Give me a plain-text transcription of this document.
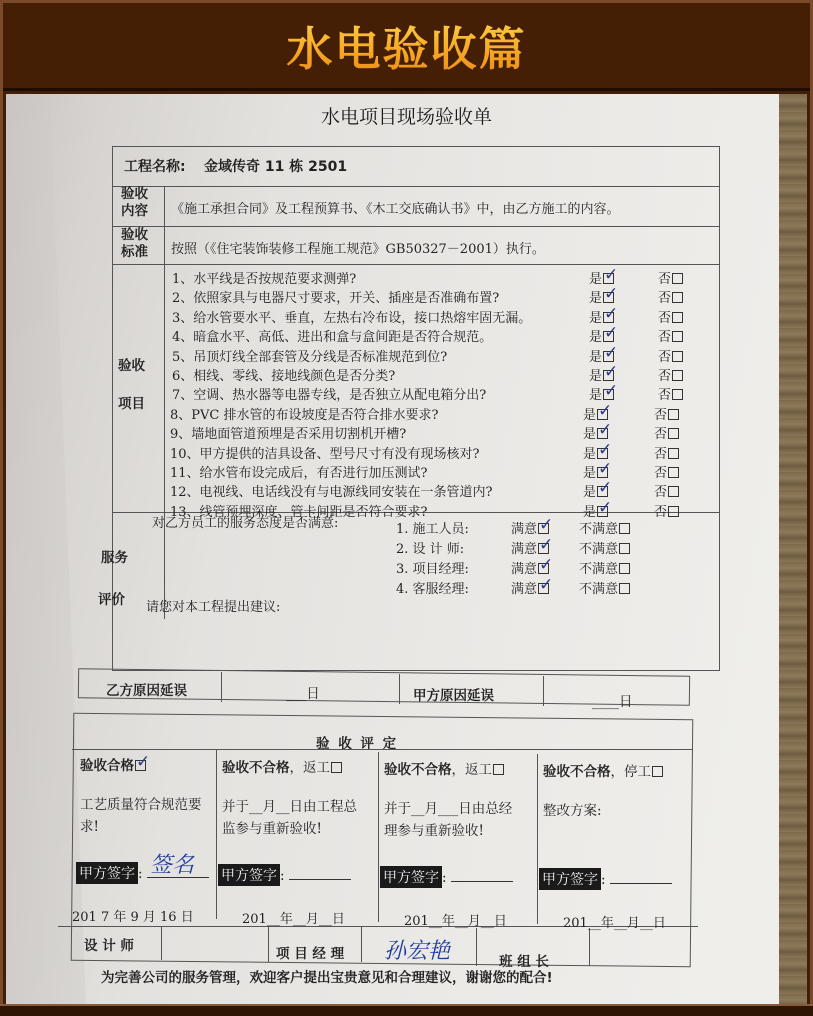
水电验收篇
水电项目现场验收单
工程名称: 金域传奇 11 栋 2501
验收
内容 《施工承担合同》及工程预算书、《木工交底确认书》中，由乙方施工的内容。
验收
标准 按照（《住宅装饰装修工程施工规范》GB50327－2001）执行。
验收
项目
服务
评价
对乙方员工的服务态度是否满意:
请您对本工程提出建议:
乙方原因延误	___日	甲方原因延误	____日
验 收 评 定
设 计 师	项 目 经 理 孙宏艳	班 组 长
为完善公司的服务管理，欢迎客户提出宝贵意见和合理建议，谢谢您的配合!
1、水平线是否按规范要求测弹?	是 ✓	否
2、依照家具与电器尺寸要求，开关、插座是否准确布置?	是 ✓	否
3、给水管要水平、垂直，左热右冷布设，接口热熔牢固无漏。	是 ✓	否
4、暗盒水平、高低、进出和盒与盒间距是否符合规范。	是 ✓	否
5、吊顶灯线全部套管及分线是否标准规范到位?	是 ✓	否
6、相线、零线、接地线颜色是否分类?	是 ✓	否
7、空调、热水器等电器专线，是否独立从配电箱分出?	是 ✓	否
8、PVC 排水管的布设坡度是否符合排水要求?	是 ✓	否
9、墙地面管道预埋是否采用切割机开槽?	是 ✓	否
10、甲方提供的洁具设备、型号尺寸有没有现场核对?	是 ✓	否
11、给水管布设完成后，有否进行加压测试?	是 ✓	否
12、电视线、电话线没有与电源线同安装在一条管道内?	是 ✓	否
13、线管预埋深度、管卡间距是否符合要求?	是 ✓	否
1. 施工人员:	满意 ✓ 不满意
2. 设 计 师:	满意 ✓ 不满意
3. 项目经理:	满意 ✓ 不满意
4. 客服经理:	满意 ✓ 不满意
验收合格 ✓
工艺质量符合规范要求!
甲方签字 : 签名
201 7 年 9 月 16 日
验收不合格，返工
并于__月__日由工程总监参与重新验收!
甲方签字 :
201__年__月__日
验收不合格，返工
并于__月___日由总经理参与重新验收!
甲方签字 :
201__年__月__日
验收不合格，停工
整改方案:
甲方签字 :
201__年__月__日
